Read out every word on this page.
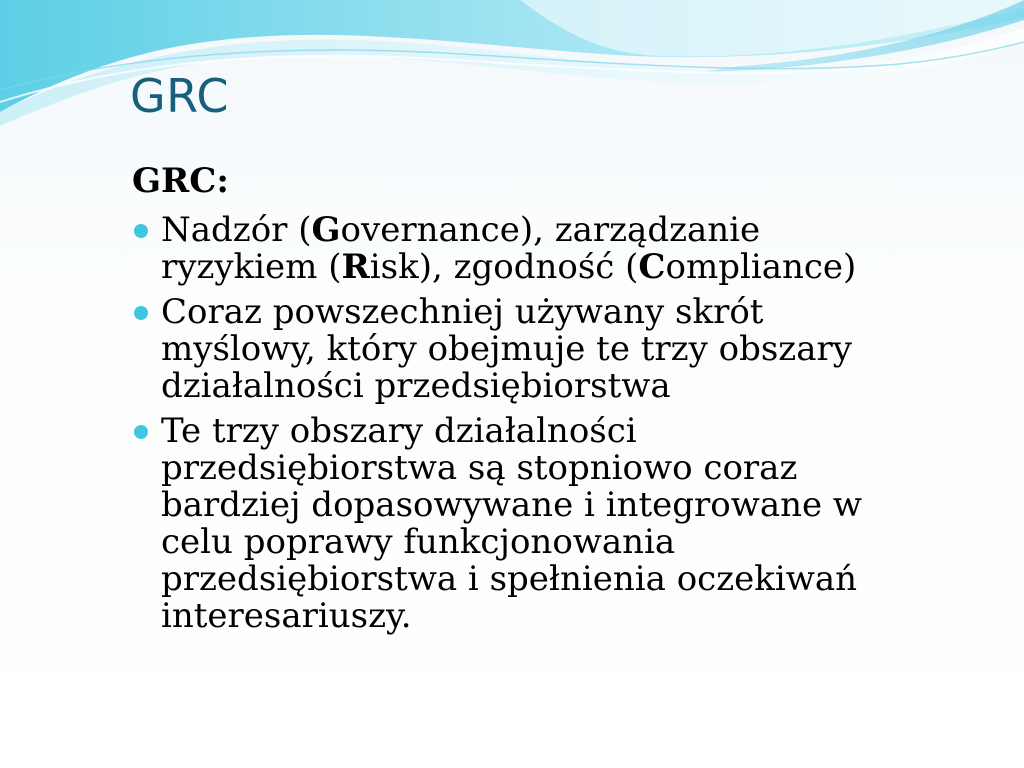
GRC
GRC:
Nadzór (Governance), zarządzanie
ryzykiem (Risk), zgodność (Compliance)
Coraz powszechniej używany skrót
myślowy, który obejmuje te trzy obszary
działalności przedsiębiorstwa
Te trzy obszary działalności
przedsiębiorstwa są stopniowo coraz
bardziej dopasowywane i integrowane w
celu poprawy funkcjonowania
przedsiębiorstwa i spełnienia oczekiwań
interesariuszy.
